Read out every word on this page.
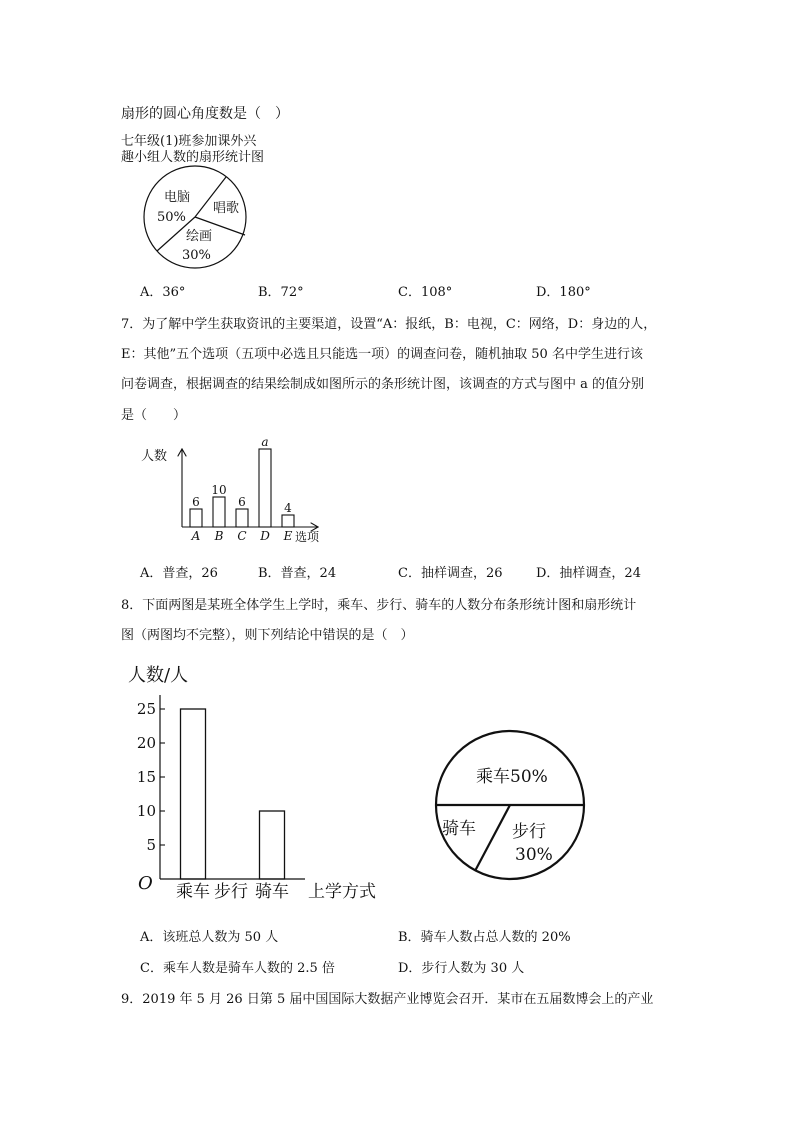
扇形的圆心角度数是（　）
七年级(1)班参加课外兴
趣小组人数的扇形统计图
电脑
50%
唱歌
绘画
30%
A．36°	B．72°	C．108°	D．180°
7．为了解中学生获取资讯的主要渠道，设置“A：报纸，B：电视，C：网络，D：身边的人，
E：其他”五个选项（五项中必选且只能选一项）的调查问卷，随机抽取 50 名中学生进行该
问卷调查，根据调查的结果绘制成如图所示的条形统计图，该调查的方式与图中 a 的值分别
是（　　）
人数
选项
6
A
10
B
6
C
a
D
4
E
A．普查，26	B．普查，24	C．抽样调查，26	D．抽样调查，24
8．下面两图是某班全体学生上学时，乘车、步行、骑车的人数分布条形统计图和扇形统计
图（两图均不完整），则下列结论中错误的是（　）
人数/人
O	上学方式
5
10
15
20
25
乘车 步行 骑车
乘车50%
骑车 步行
30%
A．该班总人数为 50 人	B．骑车人数占总人数的 20%
C．乘车人数是骑车人数的 2.5 倍	D．步行人数为 30 人
9．2019 年 5 月 26 日第 5 届中国国际大数据产业博览会召开．某市在五届数博会上的产业
